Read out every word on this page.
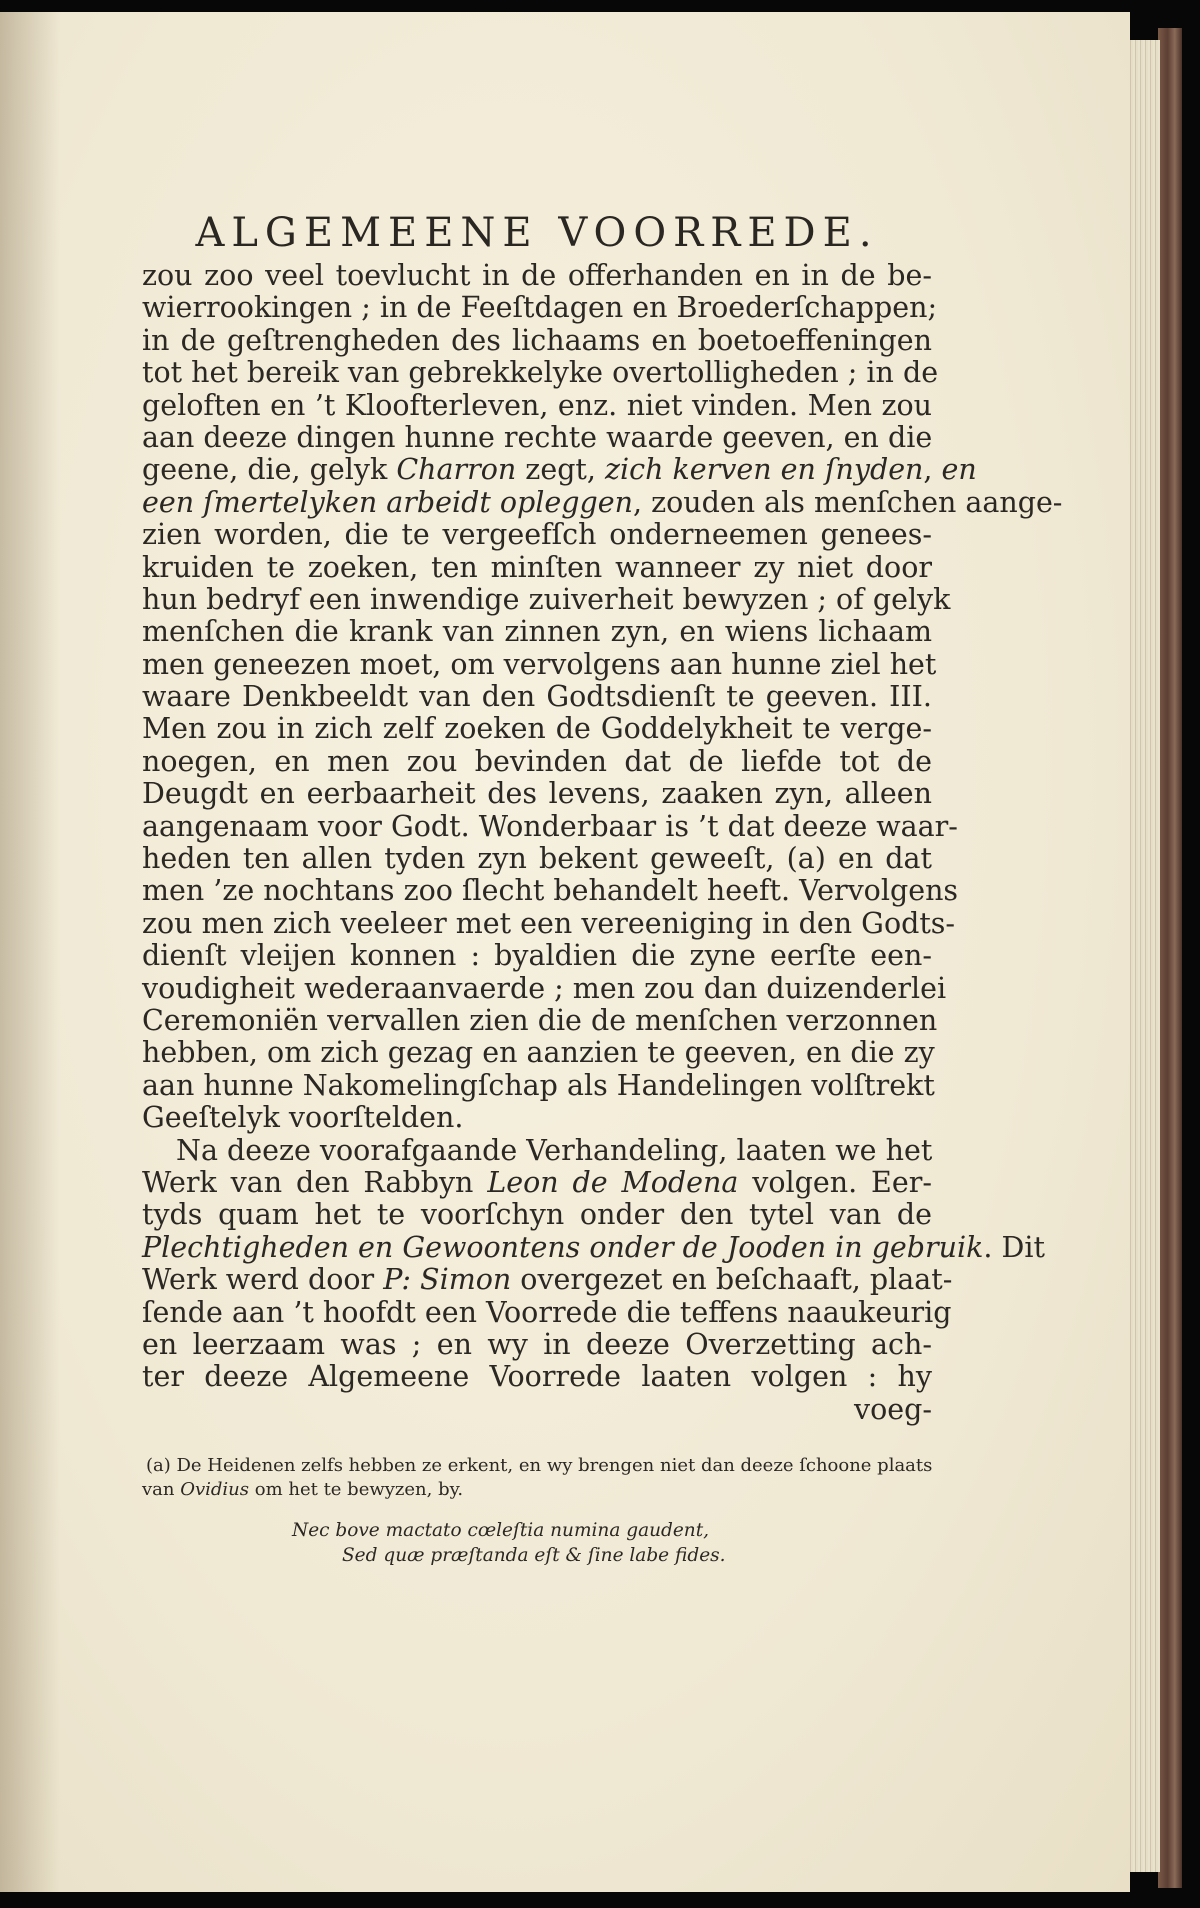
ALGEMEENE VOORREDE.
zou zoo veel toevlucht in de offerhanden en in de be-
wierrookingen ; in de Feeſtdagen en Broederſchappen;
in de geſtrengheden des lichaams en boetoeffeningen
tot het bereik van gebrekkelyke overtolligheden ; in de
geloften en ’t Kloofterleven, enz. niet vinden. Men zou
aan deeze dingen hunne rechte waarde geeven, en die
geene, die, gelyk Charron zegt, zich kerven en ſnyden, en
een ſmertelyken arbeidt opleggen, zouden als menſchen aange-
zien worden, die te vergeefſch onderneemen genees-
kruiden te zoeken, ten minſten wanneer zy niet door
hun bedryf een inwendige zuiverheit bewyzen ; of gelyk
menſchen die krank van zinnen zyn, en wiens lichaam
men geneezen moet, om vervolgens aan hunne ziel het
waare Denkbeeldt van den Godtsdienſt te geeven. III.
Men zou in zich zelf zoeken de Goddelykheit te verge-
noegen, en men zou bevinden dat de liefde tot de
Deugdt en eerbaarheit des levens, zaaken zyn, alleen
aangenaam voor Godt. Wonderbaar is ’t dat deeze waar-
heden ten allen tyden zyn bekent geweeſt, (a) en dat
men ’ze nochtans zoo ſlecht behandelt heeft. Vervolgens
zou men zich veeleer met een vereeniging in den Godts-
dienſt vleijen konnen : byaldien die zyne eerſte een-
voudigheit wederaanvaerde ; men zou dan duizenderlei
Ceremoniën vervallen zien die de menſchen verzonnen
hebben, om zich gezag en aanzien te geeven, en die zy
aan hunne Nakomelingſchap als Handelingen volſtrekt
Geeſtelyk voorſtelden.
Na deeze voorafgaande Verhandeling, laaten we het
Werk van den Rabbyn Leon de Modena volgen. Eer-
tyds quam het te voorſchyn onder den tytel van de
Plechtigheden en Gewoontens onder de Jooden in gebruik. Dit
Werk werd door P: Simon overgezet en beſchaaft, plaat-
ſende aan ’t hoofdt een Voorrede die teffens naaukeurig
en leerzaam was ; en wy in deeze Overzetting ach-
ter deeze Algemeene Voorrede laaten volgen : hy
voeg-
(a) De Heidenen zelfs hebben ze erkent, en wy brengen niet dan deeze ſchoone plaats
van Ovidius om het te bewyzen, by.
Nec bove mactato cœleſtia numina gaudent,
Sed quæ præſtanda eſt & ſine labe fides.
